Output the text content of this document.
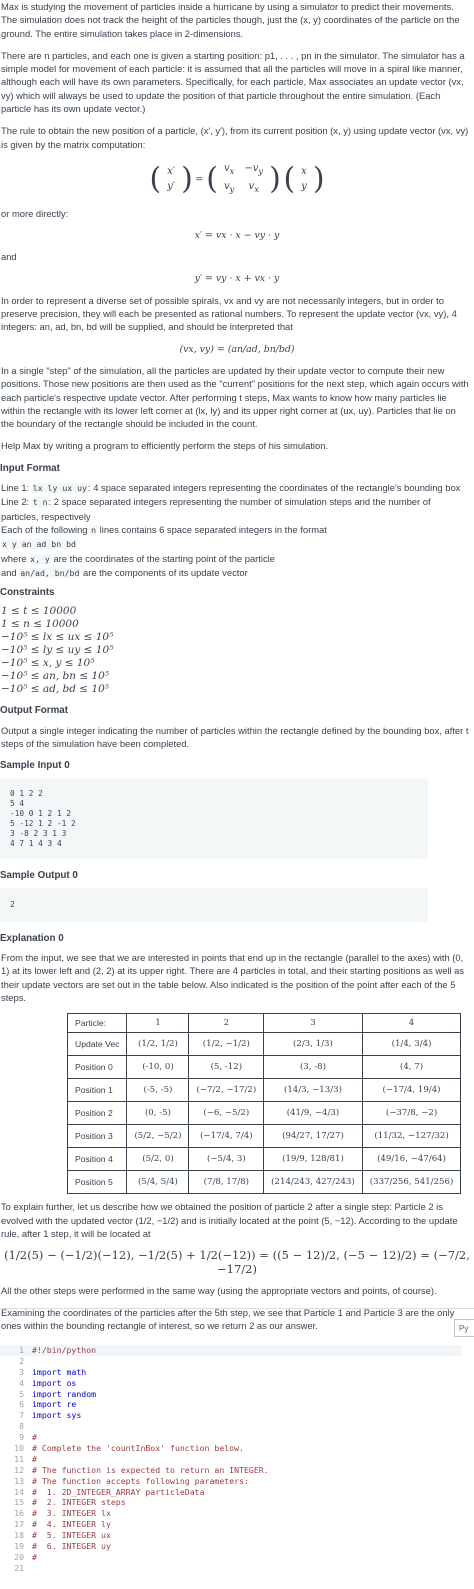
Max is studying the movement of particles inside a hurricane by using a simulator to predict their movements. The simulation does not track the height of the particles though, just the (x, y) coordinates of the particle on the ground. The entire simulation takes place in 2-dimensions.

There are n particles, and each one is given a starting position: p1, . . . , pn in the simulator. The simulator has a simple model for movement of each particle: it is assumed that all the particles will move in a spiral like manner, although each will have its own parameters. Specifically, for each particle, Max associates an update vector (vx, vy) which will always be used to update the position of that particle throughout the entire simulation. (Each particle has its own update vector.)

The rule to obtain the new position of a particle, (x′, y′), from its current position (x, y) using update vector (vx, vy) is given by the matrix computation:

( x′
y′ ) = ( $v_x$	$-v_y$
$v_y$	$v_x$ ) ( x
y )

or more directly:

x′ = vx · x − vy · y

and

y′ = vy · x + vx · y

In order to represent a diverse set of possible spirals, vx and vy are not necessarily integers, but in order to preserve precision, they will each be presented as rational numbers. To represent the update vector (vx, vy), 4 integers: an, ad, bn, bd will be supplied, and should be interpreted that

(vx, vy) = (an/ad, bn/bd)

In a single "step" of the simulation, all the particles are updated by their update vector to compute their new positions. Those new positions are then used as the "current" positions for the next step, which again occurs with each particle's respective update vector. After performing t steps, Max wants to know how many particles lie within the rectangle with its lower left corner at (lx, ly) and its upper right corner at (ux, uy). Particles that lie on the boundary of the rectangle should be included in the count.

Help Max by writing a program to efficiently perform the steps of his simulation.

Input Format

Line 1: lx ly ux uy: 4 space separated integers representing the coordinates of the rectangle's bounding box
Line 2: t n: 2 space separated integers representing the number of simulation steps and the number of particles, respectively
Each of the following n lines contains 6 space separated integers in the format
x y an ad bn bd
where x, y are the coordinates of the starting point of the particle
and an/ad, bn/bd are the components of its update vector

Constraints
1 ≤ t ≤ 10000
1 ≤ n ≤ 10000
−10⁵ ≤ lx ≤ ux ≤ 10⁵
−10⁵ ≤ ly ≤ uy ≤ 10⁵
−10⁵ ≤ x, y ≤ 10⁵
−10⁵ ≤ an, bn ≤ 10⁵
−10⁵ ≤ ad, bd ≤ 10⁵
Output Format

Output a single integer indicating the number of particles within the rectangle defined by the bounding box, after t steps of the simulation have been completed.

Sample Input 0
0 1 2 2
5 4
-10 0 1 2 1 2
5 -12 1 2 -1 2
3 -8 2 3 1 3
4 7 1 4 3 4
Sample Output 0
2
Explanation 0

From the input, we see that we are interested in points that end up in the rectangle (parallel to the axes) with (0, 1) at its lower left and (2, 2) at its upper right. There are 4 particles in total, and their starting positions as well as their update vectors are set out in the table below. Also indicated is the position of the point after each of the 5 steps.

Particle:	1	2	3	4
Update Vec	(1/2, 1/2)	(1/2, −1/2)	(2/3, 1/3)	(1/4, 3/4)
Position 0	(-10, 0)	(5, -12)	(3, -8)	(4, 7)
Position 1	(-5, -5)	(−7/2, −17/2)	(14/3, −13/3)	(−17/4, 19/4)
Position 2	(0, -5)	(−6, −5/2)	(41/9, −4/3)	(−37/8, −2)
Position 3	(5/2, −5/2)	(−17/4, 7/4)	(94/27, 17/27)	(11/32, −127/32)
Position 4	(5/2, 0)	(−5/4, 3)	(19/9, 128/81)	(49/16, −47/64)
Position 5	(5/4, 5/4)	(7/8, 17/8)	(214/243, 427/243)	(337/256, 541/256)

To explain further, let us describe how we obtained the position of particle 2 after a single step: Particle 2 is evolved with the updated vector (1/2, −1/2) and is initially located at the point (5, −12). According to the update rule, after 1 step, it will be located at

(1/2(5) − (−1/2)(−12), −1/2(5) + 1/2(−12)) = ((5 − 12)/2, (−5 − 12)/2) = (−7/2, −17/2)

All the other steps were performed in the same way (using the appropriate vectors and points, of course).

Examining the coordinates of the particles after the 5th step, we see that Particle 1 and Particle 3 are the only ones within the bounding rectangle of interest, so we return 2 as our answer.	Py
1 #!/bin/python
2
3 import math
4 import os
5 import random
6 import re
7 import sys
8
9 #
10 # Complete the 'countInBox' function below.
11 #
12 # The function is expected to return an INTEGER.
13 # The function accepts following parameters:
14 #  1. 2D_INTEGER_ARRAY particleData
15 #  2. INTEGER steps
16 #  3. INTEGER lx
17 #  4. INTEGER ly
18 #  5. INTEGER ux
19 #  6. INTEGER uy
20 #
21
